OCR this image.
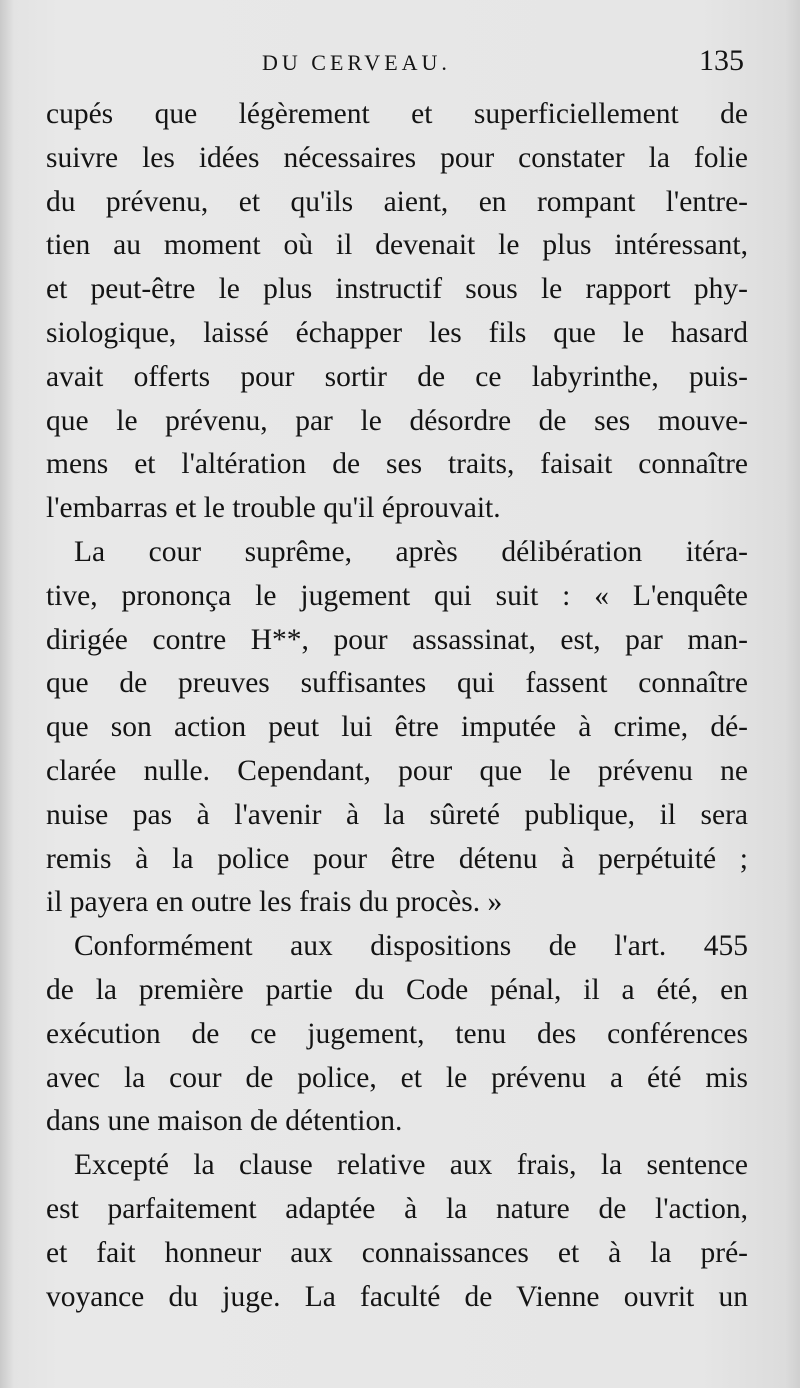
DU CERVEAU.	135
cupés que légèrement et superficiellement de
suivre les idées nécessaires pour constater la folie
du prévenu, et qu'ils aient, en rompant l'entre-
tien au moment où il devenait le plus intéressant,
et peut-être le plus instructif sous le rapport phy-
siologique, laissé échapper les fils que le hasard
avait offerts pour sortir de ce labyrinthe, puis-
que le prévenu, par le désordre de ses mouve-
mens et l'altération de ses traits, faisait connaître
l'embarras et le trouble qu'il éprouvait.
La cour suprême, après délibération itéra-
tive, prononça le jugement qui suit : « L'enquête
dirigée contre H**, pour assassinat, est, par man-
que de preuves suffisantes qui fassent connaître
que son action peut lui être imputée à crime, dé-
clarée nulle. Cependant, pour que le prévenu ne
nuise pas à l'avenir à la sûreté publique, il sera
remis à la police pour être détenu à perpétuité ;
il payera en outre les frais du procès. »
Conformément aux dispositions de l'art. 455
de la première partie du Code pénal, il a été, en
exécution de ce jugement, tenu des conférences
avec la cour de police, et le prévenu a été mis
dans une maison de détention.
Excepté la clause relative aux frais, la sentence
est parfaitement adaptée à la nature de l'action,
et fait honneur aux connaissances et à la pré-
voyance du juge. La faculté de Vienne ouvrit un
